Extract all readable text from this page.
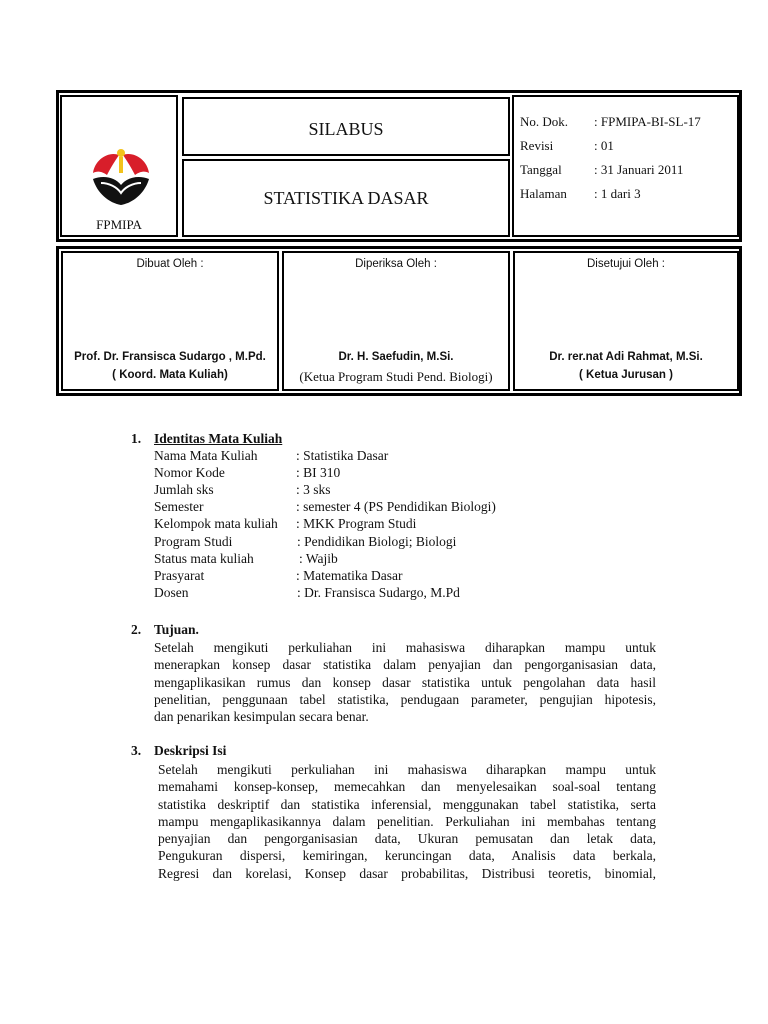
FPMIPA
SILABUS
STATISTIKA DASAR
No. Dok. : FPMIPA-BI-SL-17
Revisi	: 01
Tanggal : 31 Januari 2011
Halaman : 1 dari 3
Dibuat Oleh :
Prof. Dr. Fransisca Sudargo , M.Pd.
( Koord. Mata Kuliah)
Diperiksa Oleh :
Dr. H. Saefudin, M.Si.
(Ketua Program Studi Pend. Biologi)
Disetujui Oleh :
Dr. rer.nat Adi Rahmat, M.Si.
( Ketua Jurusan )
1. Identitas Mata Kuliah
Nama Mata Kuliah	: Statistika Dasar
Nomor Kode	: BI 310
Jumlah sks	: 3 sks
Semester	: semester 4 (PS Pendidikan Biologi)
Kelompok mata kuliah : MKK Program Studi
Program Studi	: Pendidikan Biologi; Biologi
Status mata kuliah	: Wajib
Prasyarat	: Matematika Dasar
Dosen	: Dr. Fransisca Sudargo, M.Pd
2. Tujuan.
Setelah mengikuti perkuliahan ini mahasiswa diharapkan mampu untuk
menerapkan konsep dasar statistika dalam penyajian dan pengorganisasian data,
mengaplikasikan rumus dan konsep dasar statistika untuk pengolahan data hasil
penelitian, penggunaan tabel statistika, pendugaan parameter, pengujian hipotesis,
dan penarikan kesimpulan secara benar.
3. Deskripsi Isi
Setelah mengikuti perkuliahan ini mahasiswa diharapkan mampu untuk
memahami konsep-konsep, memecahkan dan menyelesaikan soal-soal tentang
statistika deskriptif dan statistika inferensial, menggunakan tabel statistika, serta
mampu mengaplikasikannya dalam penelitian. Perkuliahan ini membahas tentang
penyajian dan pengorganisasian data, Ukuran pemusatan dan letak data,
Pengukuran dispersi, kemiringan, keruncingan data, Analisis data berkala,
Regresi dan korelasi, Konsep dasar probabilitas, Distribusi teoretis, binomial,
